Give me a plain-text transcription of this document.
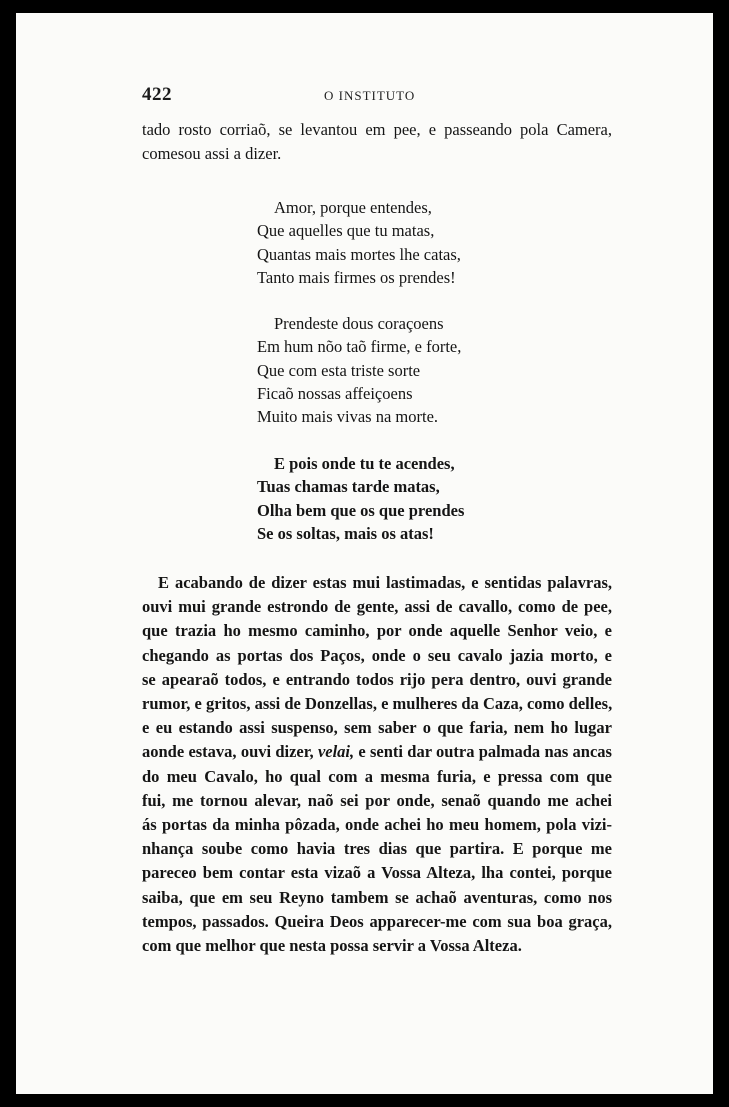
422	O INSTITUTO
tado rosto corriaõ, se levantou em pee, e passeando pola Camera,
comesou assi a dizer.
Amor, porque entendes,
Que aquelles que tu matas,
Quantas mais mortes lhe catas,
Tanto mais firmes os prendes!
Prendeste dous coraçoens
Em hum nõo taõ firme, e forte,
Que com esta triste sorte
Ficaõ nossas affeiçoens
Muito mais vivas na morte.
E pois onde tu te acendes,
Tuas chamas tarde matas,
Olha bem que os que prendes
Se os soltas, mais os atas!
E acabando de dizer estas mui lastimadas, e sentidas palavras,
ouvi mui grande estrondo de gente, assi de cavallo, como de pee,
que trazia ho mesmo caminho, por onde aquelle Senhor veio, e
chegando as portas dos Paços, onde o seu cavalo jazia morto, e
se apearaõ todos, e entrando todos rijo pera dentro, ouvi grande
rumor, e gritos, assi de Donzellas, e mulheres da Caza, como delles,
e eu estando assi suspenso, sem saber o que faria, nem ho lugar
aonde estava, ouvi dizer, velai, e senti dar outra palmada nas ancas
do meu Cavalo, ho qual com a mesma furia, e pressa com que
fui, me tornou alevar, naõ sei por onde, senaõ quando me achei
ás portas da minha pôzada, onde achei ho meu homem, pola vizi-
nhança soube como havia tres dias que partira. E porque me
pareceo bem contar esta vizaõ a Vossa Alteza, lha contei, porque
saiba, que em seu Reyno tambem se achaõ aventuras, como nos
tempos, passados. Queira Deos apparecer-me com sua boa graça,
com que melhor que nesta possa servir a Vossa Alteza.
